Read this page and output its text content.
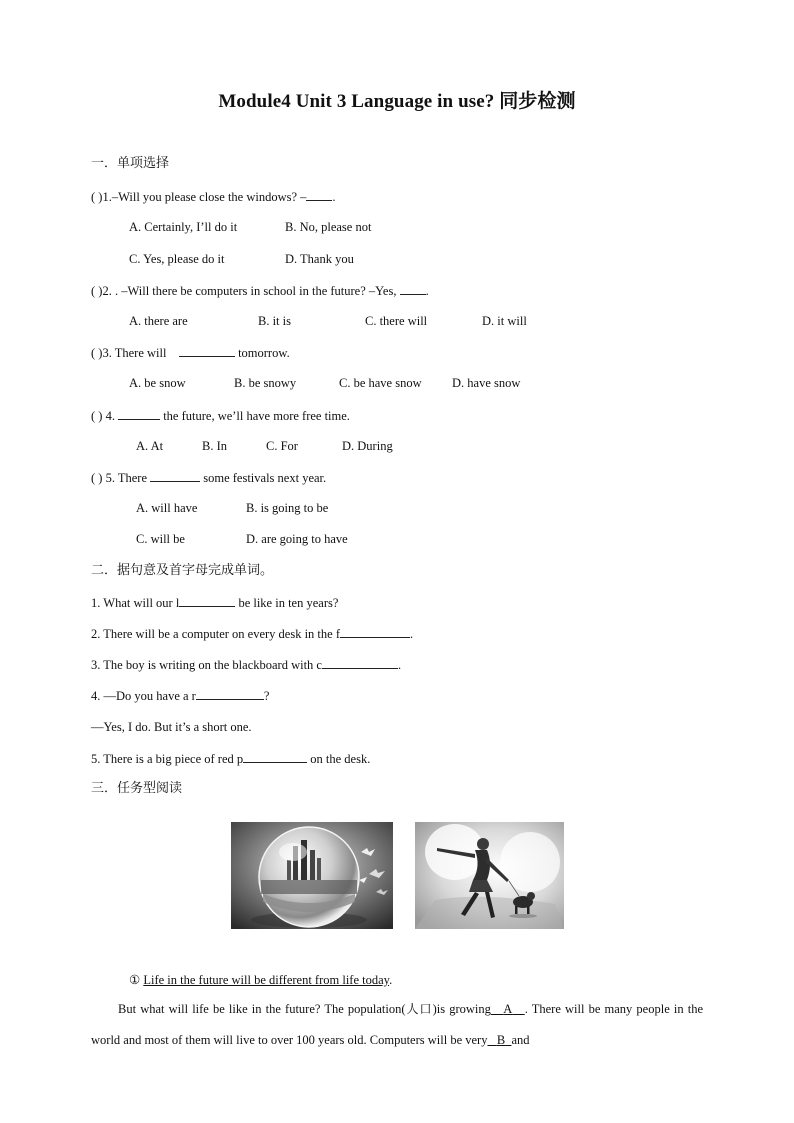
Module4 Unit 3 Language in use? 同步检测
一．单项选择
( )1.–Will you please close the windows? – .
A. Certainly, I’ll do it	B. No, please not
C. Yes, please do it	D. Thank you
( )2. . –Will there be computers in school in the future? –Yes, .
A. there are	B. it is	C. there will	D. it will
( )3. There will	tomorrow.
A. be snow	B. be snowy	C. be have snow D. have snow
( ) 4.	the future, we’ll have more free time.
A. At	B. In	C. For	D. During
( ) 5. There	some festivals next year.
A. will have	B. is going to be
C. will be	D. are going to have
二．据句意及首字母完成单词。
1. What will our l	be like in ten years?
2. There will be a computer on every desk in the f	.
3. The boy is writing on the blackboard with c	.
4. —Do you have a r	?
—Yes, I do. But it’s a short one.
5. There is a big piece of red p	on the desk.
三．任务型阅读
① Life in the future will be different from life today.
But what will life be like in the future? The population(人口)is growing A . There will be many people in the world and most of them will live to over 100 years old. Computers will be very B and
